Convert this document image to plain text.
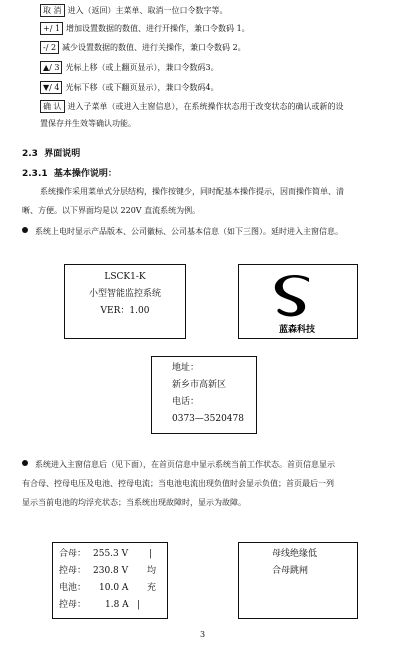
取 消 进入（返回）主菜单、取消一位口令数字等。
+/ 1 增加设置数据的数值、进行开操作，兼口令数码 1。
-/ 2 减少设置数据的数值、进行关操作，兼口令数码 2。
▲/ 3 光标上移（或上翻页显示），兼口令数码3。
▼/ 4 光标下移（或下翻页显示），兼口令数码4。
确 认 进入子菜单（或进入主窗信息），在系统操作状态用于改变状态的确认或新的设
置保存并生效等确认功能。
2.3 界面说明
2.3.1 基本操作说明：
系统操作采用菜单式分层结构，操作按键少，同时配基本操作提示，因而操作简单、清
晰、方便。以下界面均是以 220V 直流系统为例。
系统上电时显示产品版本、公司徽标、公司基本信息（如下三图）。延时进入主窗信息。
LSCK1-K
小型智能监控系统
VER：1.00
蓝森科技
地址：
新乡市高新区
电话：
0373—3520478
系统进入主窗信息后（见下面），在首页信息中显示系统当前工作状态。首页信息显示
有合母、控母电压及电池、控母电流；当电池电流出现负值时会显示负值；首页最后一列
显示当前电池的均浮充状态；当系统出现故障时，显示为故障。
合母： 255.3 V |
控母： 230.8 V 均
电池： 10.0 A 充
控母： 1.8 A |
母线绝缘低
合母跳闸
3
